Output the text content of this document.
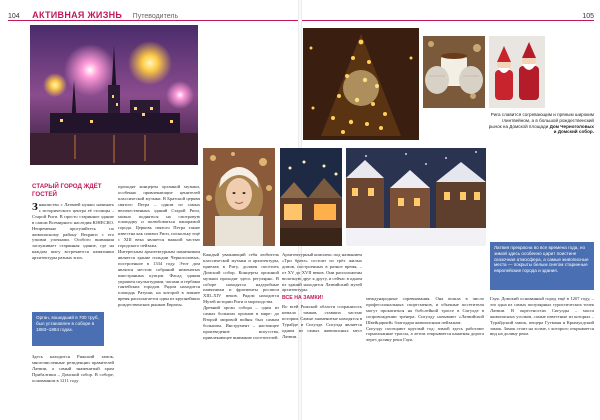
104 АКТИВНАЯ ЖИЗНЬ Путеводитель	105
СТАРЫЙ ГОРОД ЖДЁТ ГОСТЕЙ
Знакомство с Латвией нужно начинать с исторического центра её столицы – Старой Риги. В просто старинное здание в самом Всемирного наследия ЮНЕСКО. Непременно прогуляйтесь по живописному району Вецриги с его узкими улочками. Особого внимания заслуживает старинная здание, где на каждом шагу встречаются памятники архитектуры разных эпох.
Орган, вошедший в 700 труб, был установлен в соборе в 1883–1884 годах.
Здесь находится Рижский замок, многочисленные резиденции правителей Латвии, а самый знаменитый храм Прибалтики – Домский собор. В соборе, основанном в 1211 году
проходят концерты органной музыки, особенно привлекающие ценителей классической музыки. В Братской церкви святого Петра – одном из самых величественных зданий Старой Риги, можно подняться на смотровую площадку и полюбоваться панорамой города. Церковь святого Петра также известна как символ Риги, поскольку ещё с XIII века является важной частью городского пейзажа.
Интересным архитектурным памятником является здание гильдии Черноголовых, построенное в 1334 году. Этот дом являлся местом собраний неженатых иностранных купцов. Фасад здания украшен скульптурами, часами и гербами ганзейских городов. Рядом находится площадь Ратуши, на которой в зимнее время располагается один из крупнейших рождественских рынков Европы.
Каждый уважающий себя любитель классической музыки и архитектуры, приехав в Ригу, должен посетить Домский собор. Концерты органной музыки проходят здесь регулярно. В соборе находятся надгробные памятники и фрагменты росписи XIII–XIV веков. Рядом находится Музей истории Риги и мореходства.
Древний орган собора – один из самых больших органов в мире: до Второй мировой войны был самым большим. Инструмент – настоящее произведение искусства, привлекающее внимание посетителей.
Рига славится согревающим и пряным широким глинтвейном, а в большой рождественский рынок на Домской площади Дом Черноголовых и Домский собор.
Латвия прекрасна во все времена года, но зимой здесь особенно царит поистине сказочная атмосфера, а самые живописные места — покрыты белым снегом старинные европейские города и здания.
Архитектурный комплекс под названием «Три брата» состоит из трёх жилых домов, построенных в разное время, – от XV до XVII веков. Они расположены вплотную друг к другу, и сейчас в одном из зданий находится Латвийский музей архитектуры.
ВСЕ НА ЗАМКИ!
Во всей Рижской области сохранилось немало замков, ставших частью истории. Самые знаменитые находятся в Турайде и Сигулде. Сигулда является одним из самых живописных мест Латвии.
международные соревнования. Она вошла в число профессиональных спортсменов, и обычные посетители могут прокатиться на бобслейной трассе в Сигулде в сопровождении тренера. Сигулду называют «Латвийской Швейцарией» благодаря живописным пейзажам.
Сигулду посещают круглый год: зимой здесь работают горнолыжные трассы, а летом открывается канатная дорога через долину реки Гауя.
Гауя. Домский основанный город ещё в 1207 году, – это одна из самых популярных туристических точек Латвии. В окрестностях Сигулды – масса живописных уголков, самые известные из которых – Турайдский замок, пещера Гутманя и Крымулдский замок. Замок стоит на холме, с которого открывается вид на долину реки.
